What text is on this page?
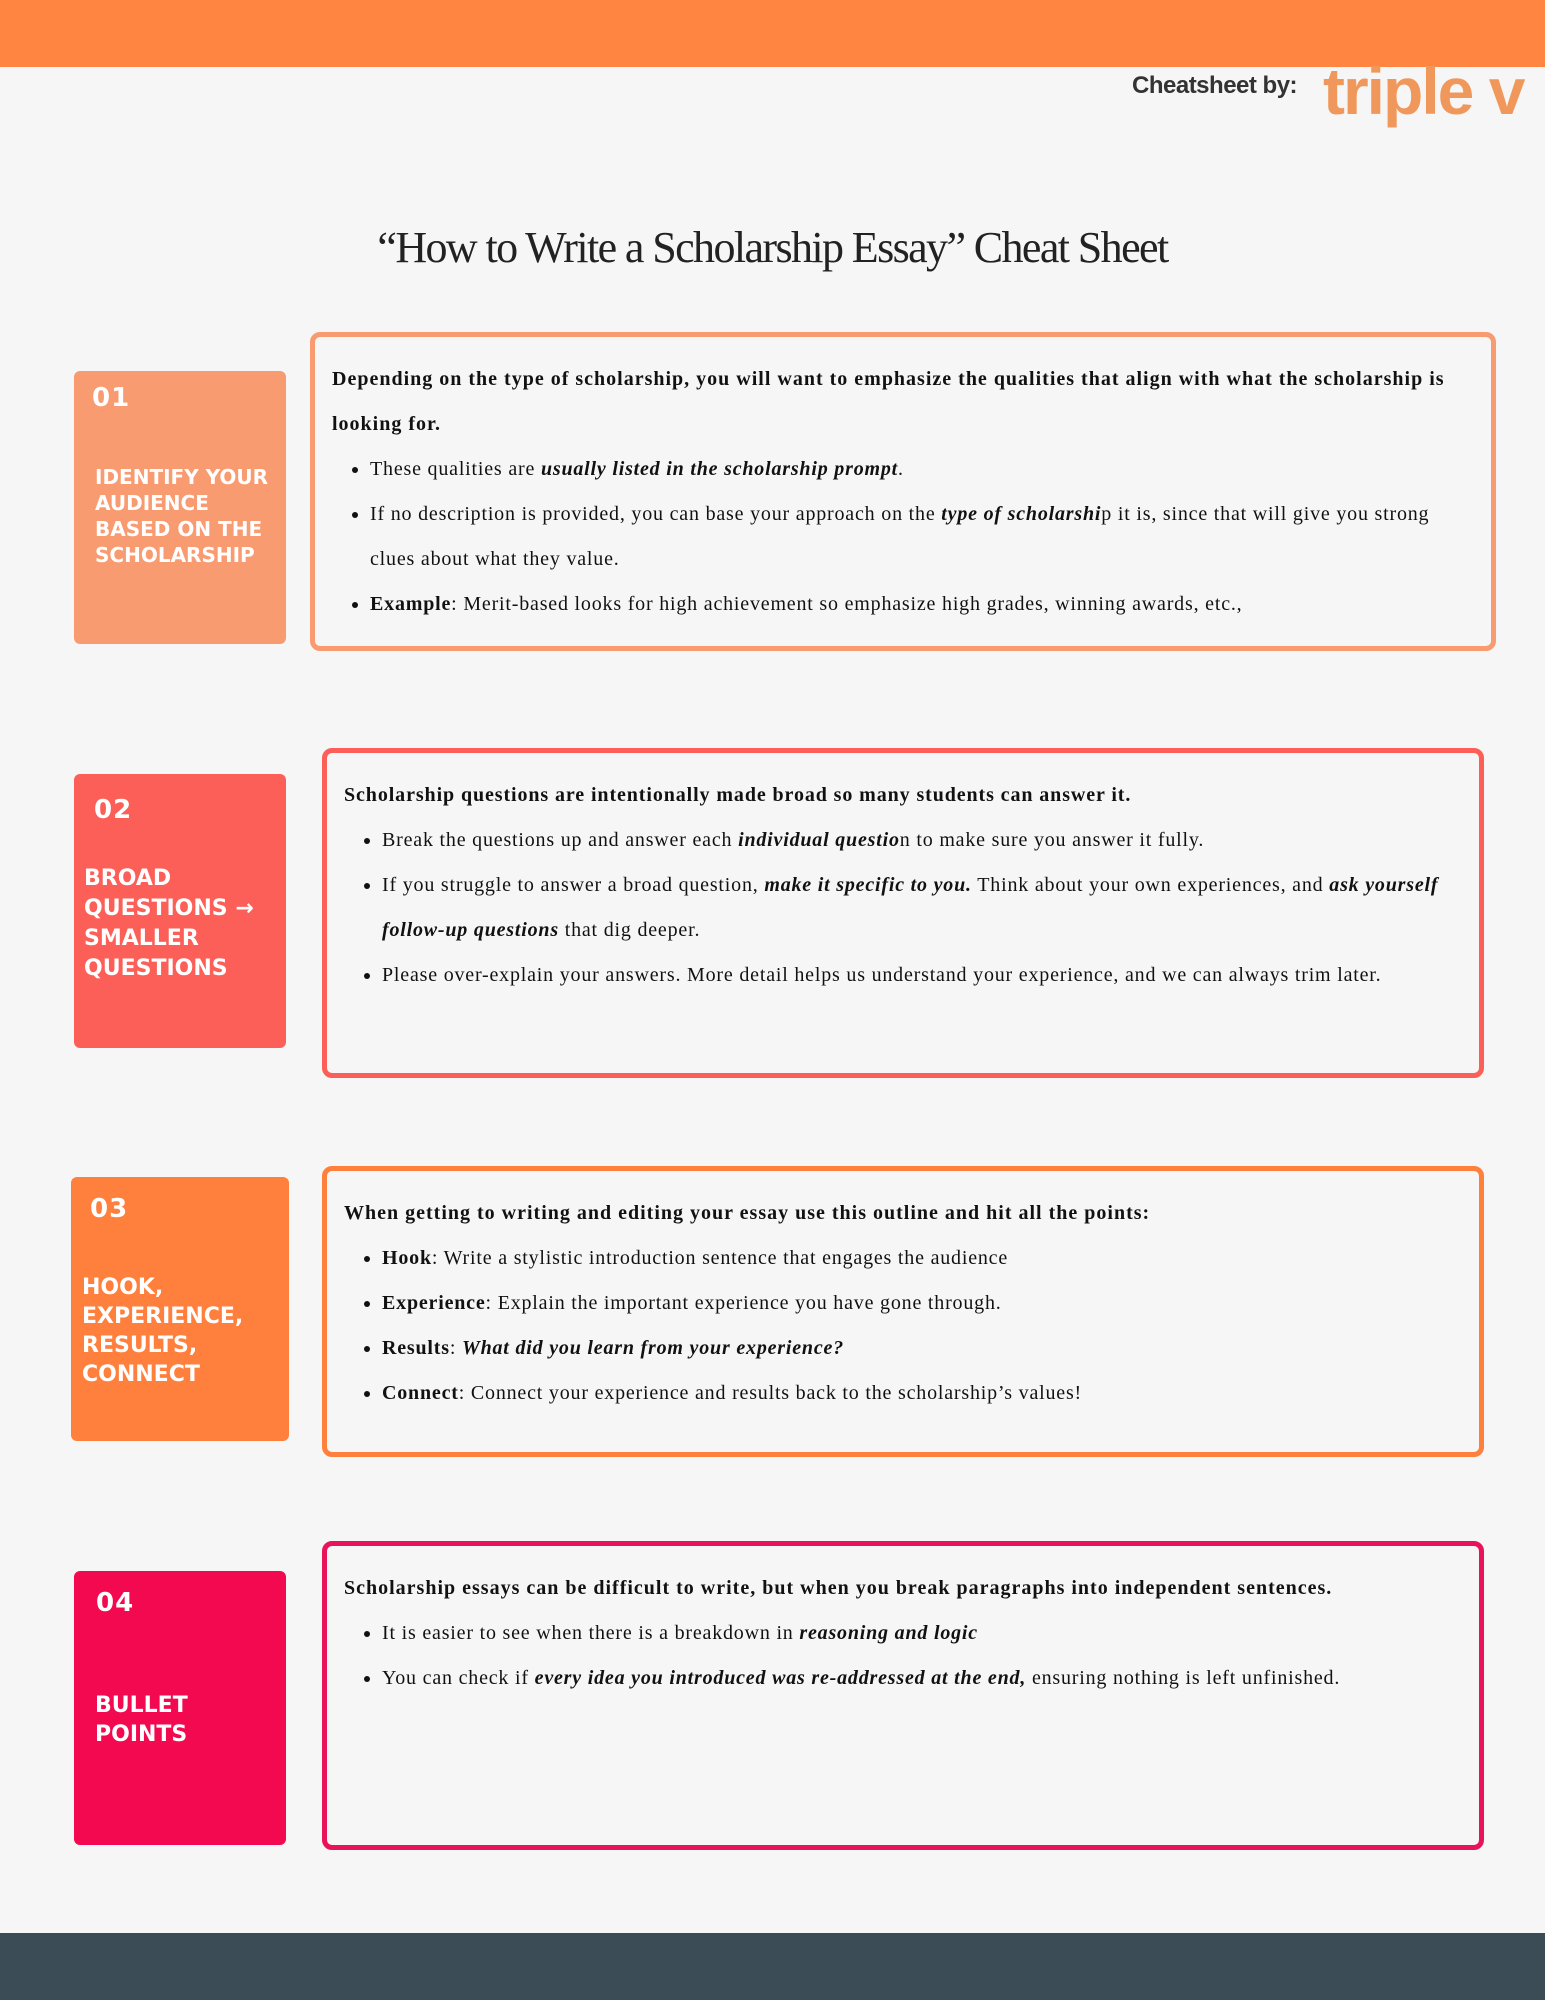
Cheatsheet by: triple v
“How to Write a Scholarship Essay” Cheat Sheet
01
IDENTIFY YOUR AUDIENCE BASED ON THE SCHOLARSHIP
Depending on the type of scholarship, you will want to emphasize the qualities that align with what the scholarship is looking for.
• These qualities are usually listed in the scholarship prompt.
• If no description is provided, you can base your approach on the type of scholarship it is, since that will give you strong clues about what they value.
• Example: Merit-based looks for high achievement so emphasize high grades, winning awards, etc.,
02
BROAD QUESTIONS → SMALLER QUESTIONS
Scholarship questions are intentionally made broad so many students can answer it.
• Break the questions up and answer each individual question to make sure you answer it fully.
• If you struggle to answer a broad question, make it specific to you. Think about your own experiences, and ask yourself follow-up questions that dig deeper.
• Please over-explain your answers. More detail helps us understand your experience, and we can always trim later.
03
HOOK, EXPERIENCE, RESULTS, CONNECT
When getting to writing and editing your essay use this outline and hit all the points:
• Hook: Write a stylistic introduction sentence that engages the audience
• Experience: Explain the important experience you have gone through.
• Results: What did you learn from your experience?
• Connect: Connect your experience and results back to the scholarship’s values!
04
BULLET POINTS
Scholarship essays can be difficult to write, but when you break paragraphs into independent sentences.
• It is easier to see when there is a breakdown in reasoning and logic
• You can check if every idea you introduced was re-addressed at the end, ensuring nothing is left unfinished.
